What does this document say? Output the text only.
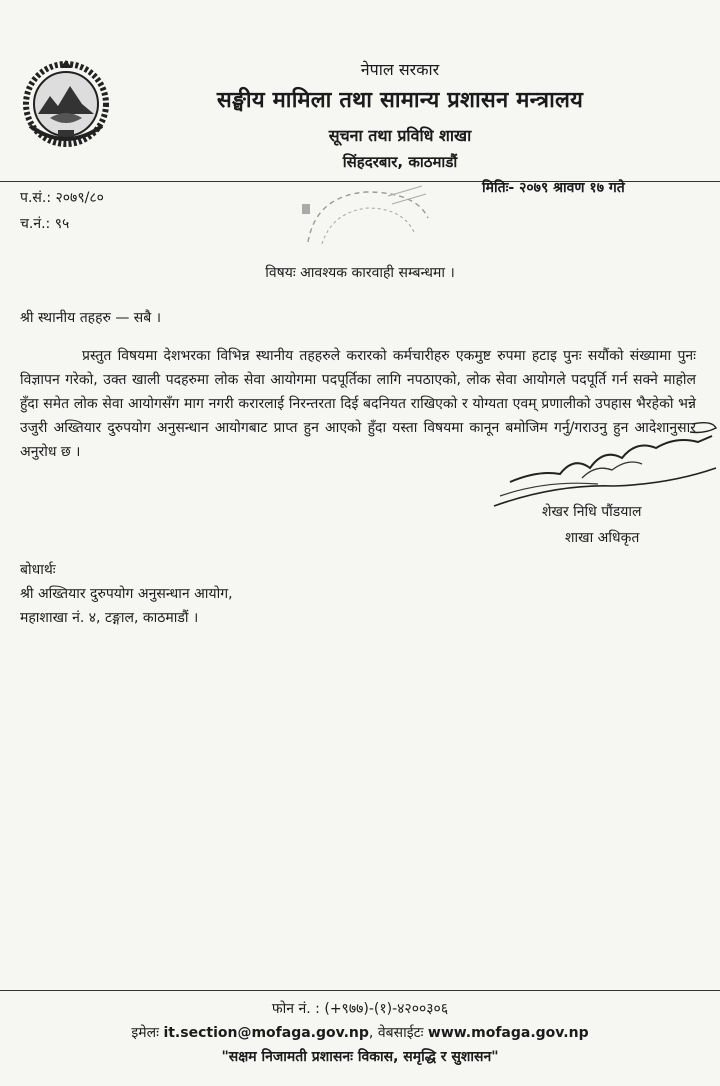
नेपाल सरकार
सङ्घीय मामिला तथा सामान्य प्रशासन मन्त्रालय
सूचना तथा प्रविधि शाखा
सिंहदरबार, काठमाडौं
प.सं.: २०७९/८०
च.नं.: ९५
मितिः- २०७९ श्रावण १७ गते
विषयः आवश्यक कारवाही सम्बन्धमा ।
श्री स्थानीय तहहरु — सबै ।
प्रस्तुत विषयमा देशभरका विभिन्न स्थानीय तहहरुले करारको कर्मचारीहरु एकमुष्ट रुपमा हटाइ पुनः सयौंको संख्यामा पुनः विज्ञापन गरेको, उक्त खाली पदहरुमा लोक सेवा आयोगमा पदपूर्तिका लागि नपठाएको, लोक सेवा आयोगले पदपूर्ति गर्न सक्ने माहोल हुँदा समेत लोक सेवा आयोगसँग माग नगरी करारलाई निरन्तरता दिई बदनियत राखिएको र योग्यता एवम् प्रणालीको उपहास भैरहेको भन्ने उजुरी अख्तियार दुरुपयोग अनुसन्धान आयोगबाट प्राप्त हुन आएको हुँदा यस्ता विषयमा कानून बमोजिम गर्नु/गराउनु हुन आदेशानुसार अनुरोध छ ।
शेखर निधि पौंडयाल
शाखा अधिकृत
बोधार्थः
श्री अख्तियार दुरुपयोग अनुसन्धान आयोग,
महाशाखा नं. ४, टङ्गाल, काठमाडौं ।
फोन नं. : (+९७७)-(१)-४२००३०६
इमेलः it.section@mofaga.gov.np, वेबसाईटः www.mofaga.gov.np
"सक्षम निजामती प्रशासनः विकास, समृद्धि र सुशासन"
